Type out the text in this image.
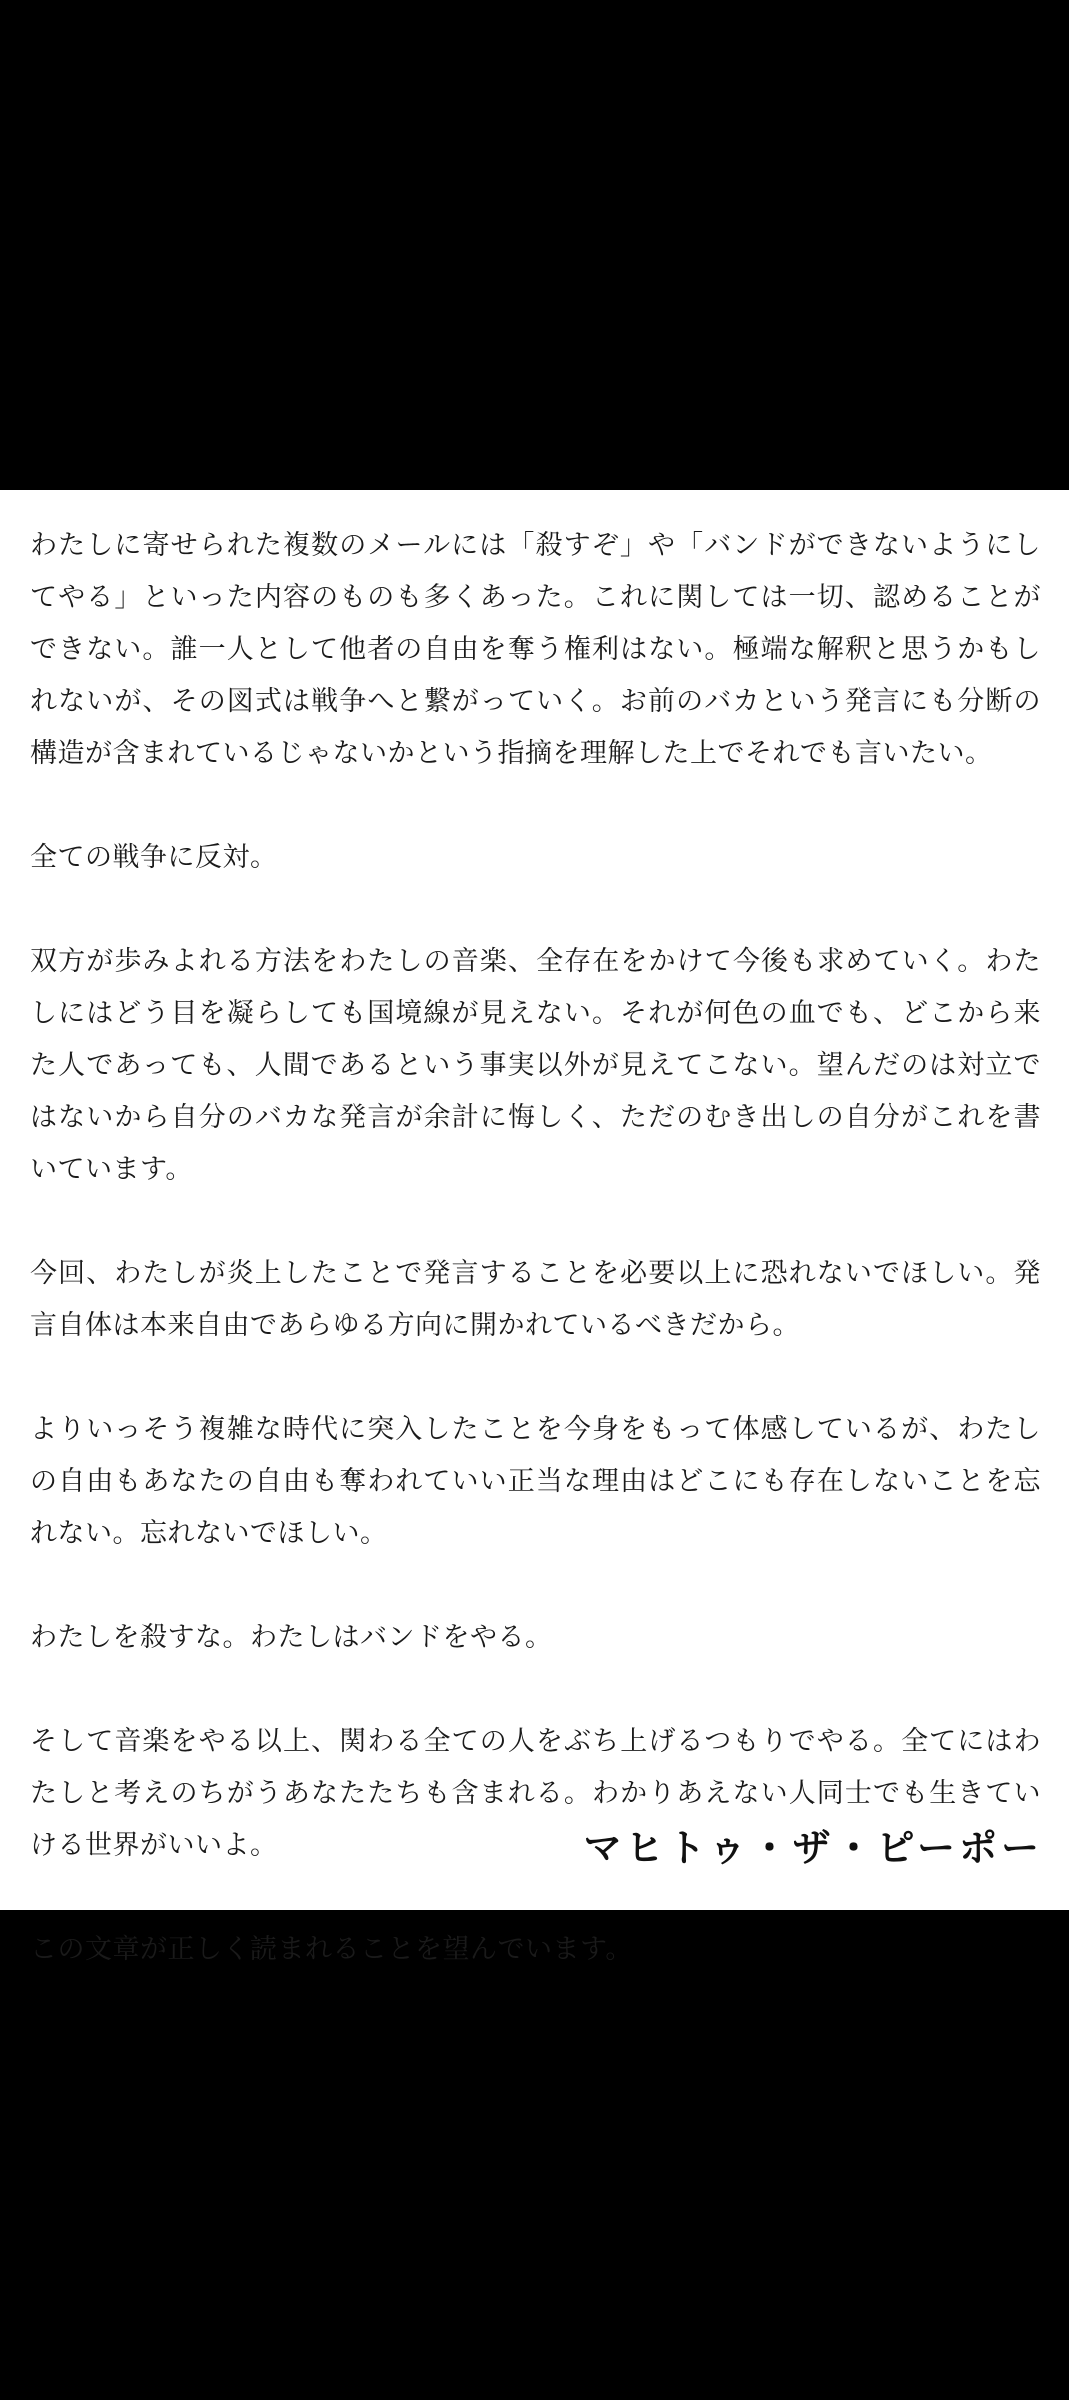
わたしに寄せられた複数のメールには「殺すぞ」や「バンドができないようにしてやる」といった内容のものも多くあった。これに関しては一切、認めることができない。誰一人として他者の自由を奪う権利はない。極端な解釈と思うかもしれないが、その図式は戦争へと繋がっていく。お前のバカという発言にも分断の構造が含まれているじゃないかという指摘を理解した上でそれでも言いたい。

全ての戦争に反対。

双方が歩みよれる方法をわたしの音楽、全存在をかけて今後も求めていく。わたしにはどう目を凝らしても国境線が見えない。それが何色の血でも、どこから来た人であっても、人間であるという事実以外が見えてこない。望んだのは対立ではないから自分のバカな発言が余計に悔しく、ただのむき出しの自分がこれを書いています。

今回、わたしが炎上したことで発言することを必要以上に恐れないでほしい。発言自体は本来自由であらゆる方向に開かれているべきだから。

よりいっそう複雑な時代に突入したことを今身をもって体感しているが、わたしの自由もあなたの自由も奪われていい正当な理由はどこにも存在しないことを忘れない。忘れないでほしい。

わたしを殺すな。わたしはバンドをやる。

そして音楽をやる以上、関わる全ての人をぶち上げるつもりでやる。全てにはわたしと考えのちがうあなたたちも含まれる。わかりあえない人同士でも生きていける世界がいいよ。

この文章が正しく読まれることを望んでいます。

マヒトゥ・ザ・ピーポー
